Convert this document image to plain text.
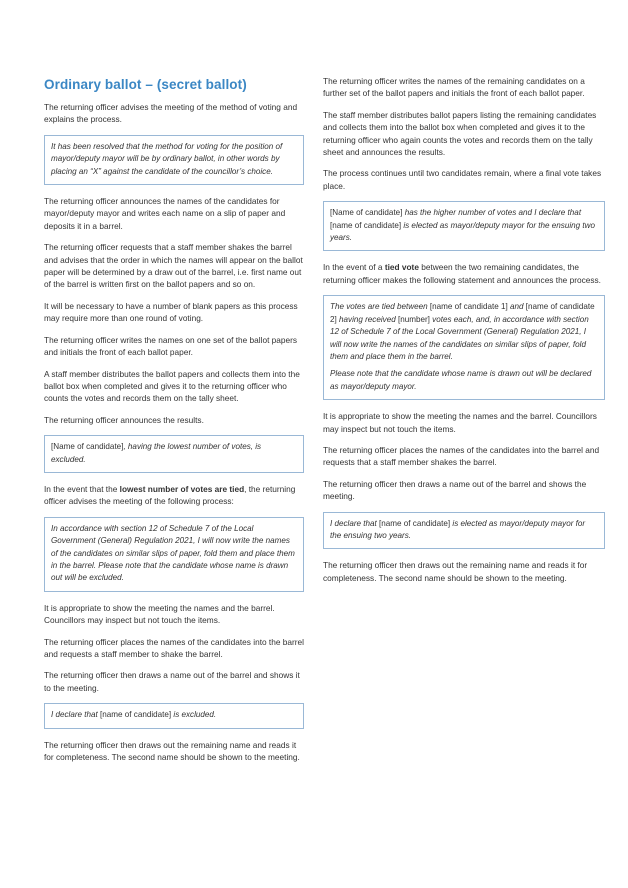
Ordinary ballot – (secret ballot)

The returning officer advises the meeting of the method of voting and explains the process.

It has been resolved that the method for voting for the position of mayor/deputy mayor will be by ordinary ballot, in other words by placing an “X” against the candidate of the councillor’s choice.

The returning officer announces the names of the candidates for mayor/deputy mayor and writes each name on a slip of paper and deposits it in a barrel.

The returning officer requests that a staff member shakes the barrel and advises that the order in which the names will appear on the ballot paper will be determined by a draw out of the barrel, i.e. first name out of the barrel is written first on the ballot papers and so on.

It will be necessary to have a number of blank papers as this process may require more than one round of voting.

The returning officer writes the names on one set of the ballot papers and initials the front of each ballot paper.

A staff member distributes the ballot papers and collects them into the ballot box when completed and gives it to the returning officer who counts the votes and records them on the tally sheet.

The returning officer announces the results.

[Name of candidate], having the lowest number of votes, is excluded.

In the event that the lowest number of votes are tied, the returning officer advises the meeting of the following process:

In accordance with section 12 of Schedule 7 of the Local Government (General) Regulation 2021, I will now write the names of the candidates on similar slips of paper, fold them and place them in the barrel. Please note that the candidate whose name is drawn out will be excluded.

It is appropriate to show the meeting the names and the barrel. Councillors may inspect but not touch the items.

The returning officer places the names of the candidates into the barrel and requests a staff member to shake the barrel.

The returning officer then draws a name out of the barrel and shows it to the meeting.

I declare that [name of candidate] is excluded.

The returning officer then draws out the remaining name and reads it for completeness. The second name should be shown to the meeting.

The returning officer writes the names of the remaining candidates on a further set of the ballot papers and initials the front of each ballot paper.

The staff member distributes ballot papers listing the remaining candidates and collects them into the ballot box when completed and gives it to the returning officer who again counts the votes and records them on the tally sheet and announces the results.

The process continues until two candidates remain, where a final vote takes place.

[Name of candidate] has the higher number of votes and I declare that [name of candidate] is elected as mayor/deputy mayor for the ensuing two years.

In the event of a tied vote between the two remaining candidates, the returning officer makes the following statement and announces the process.

The votes are tied between [name of candidate 1] and [name of candidate 2] having received [number] votes each, and, in accordance with section 12 of Schedule 7 of the Local Government (General) Regulation 2021, I will now write the names of the candidates on similar slips of paper, fold them and place them in the barrel.

Please note that the candidate whose name is drawn out will be declared as mayor/deputy mayor.

It is appropriate to show the meeting the names and the barrel. Councillors may inspect but not touch the items.

The returning officer places the names of the candidates into the barrel and requests that a staff member shakes the barrel.

The returning officer then draws a name out of the barrel and shows the meeting.

I declare that [name of candidate] is elected as mayor/deputy mayor for the ensuing two years.

The returning officer then draws out the remaining name and reads it for completeness. The second name should be shown to the meeting.
